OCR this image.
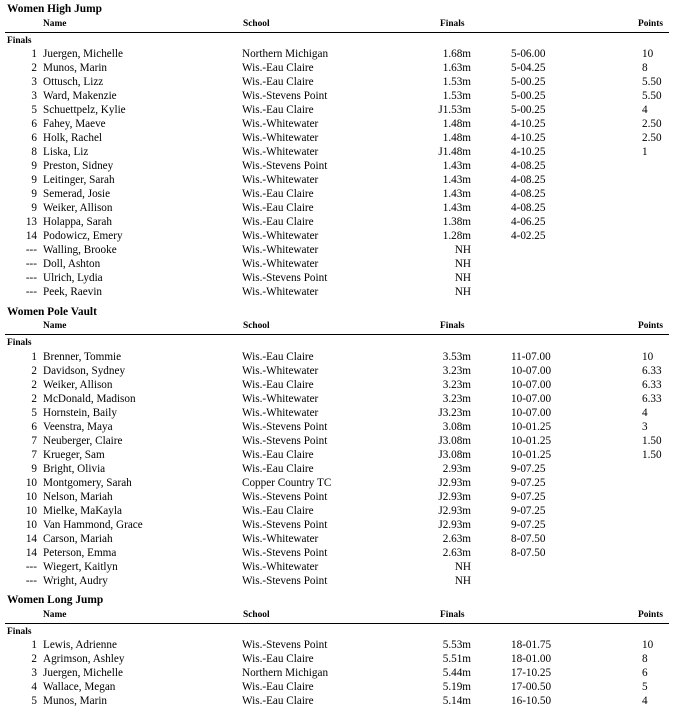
Women High Jump
Name	School	Finals	Points
Finals
1 Juergen, Michelle	Northern Michigan	1.68m	5-06.00	10
2 Munos, Marin	Wis.-Eau Claire	1.63m	5-04.25	8
3 Ottusch, Lizz	Wis.-Eau Claire	1.53m	5-00.25	5.50
3 Ward, Makenzie	Wis.-Stevens Point	1.53m	5-00.25	5.50
5 Schuettpelz, Kylie	Wis.-Eau Claire	J1.53m	5-00.25	4
6 Fahey, Maeve	Wis.-Whitewater	1.48m	4-10.25	2.50
6 Holk, Rachel	Wis.-Whitewater	1.48m	4-10.25	2.50
8 Liska, Liz	Wis.-Whitewater	J1.48m	4-10.25	1
9 Preston, Sidney	Wis.-Stevens Point	1.43m	4-08.25
9 Leitinger, Sarah	Wis.-Whitewater	1.43m	4-08.25
9 Semerad, Josie	Wis.-Eau Claire	1.43m	4-08.25
9 Weiker, Allison	Wis.-Eau Claire	1.43m	4-08.25
13 Holappa, Sarah	Wis.-Eau Claire	1.38m	4-06.25
14 Podowicz, Emery	Wis.-Whitewater	1.28m	4-02.25
--- Walling, Brooke	Wis.-Whitewater	NH
--- Doll, Ashton	Wis.-Whitewater	NH
--- Ulrich, Lydia	Wis.-Stevens Point	NH
--- Peek, Raevin	Wis.-Whitewater	NH
Women Pole Vault
Name	School	Finals	Points
Finals
1 Brenner, Tommie	Wis.-Eau Claire	3.53m	11-07.00	10
2 Davidson, Sydney	Wis.-Whitewater	3.23m	10-07.00	6.33
2 Weiker, Allison	Wis.-Eau Claire	3.23m	10-07.00	6.33
2 McDonald, Madison	Wis.-Whitewater	3.23m	10-07.00	6.33
5 Hornstein, Baily	Wis.-Whitewater	J3.23m	10-07.00	4
6 Veenstra, Maya	Wis.-Stevens Point	3.08m	10-01.25	3
7 Neuberger, Claire	Wis.-Stevens Point	J3.08m	10-01.25	1.50
7 Krueger, Sam	Wis.-Eau Claire	J3.08m	10-01.25	1.50
9 Bright, Olivia	Wis.-Eau Claire	2.93m	9-07.25
10 Montgomery, Sarah	Copper Country TC	J2.93m	9-07.25
10 Nelson, Mariah	Wis.-Stevens Point	J2.93m	9-07.25
10 Mielke, MaKayla	Wis.-Eau Claire	J2.93m	9-07.25
10 Van Hammond, Grace	Wis.-Stevens Point	J2.93m	9-07.25
14 Carson, Mariah	Wis.-Whitewater	2.63m	8-07.50
14 Peterson, Emma	Wis.-Stevens Point	2.63m	8-07.50
--- Wiegert, Kaitlyn	Wis.-Whitewater	NH
--- Wright, Audry	Wis.-Stevens Point	NH
Women Long Jump
Name	School	Finals	Points
Finals
1 Lewis, Adrienne	Wis.-Stevens Point	5.53m	18-01.75	10
2 Agrimson, Ashley	Wis.-Eau Claire	5.51m	18-01.00	8
3 Juergen, Michelle	Northern Michigan	5.44m	17-10.25	6
4 Wallace, Megan	Wis.-Eau Claire	5.19m	17-00.50	5
5 Munos, Marin	Wis.-Eau Claire	5.14m	16-10.50	4
